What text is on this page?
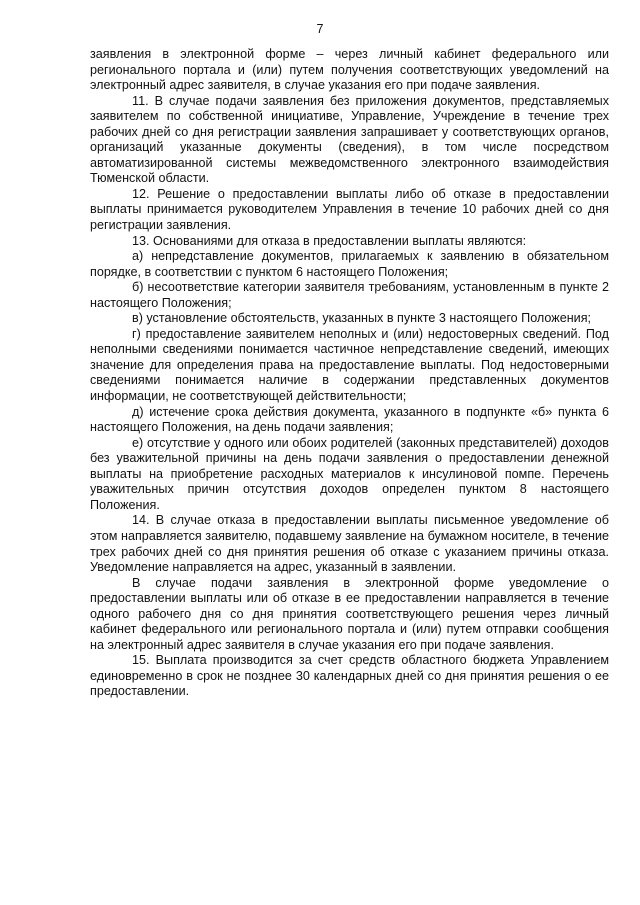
7

заявления в электронной форме – через личный кабинет федерального или регионального портала и (или) путем получения соответствующих уведомлений на электронный адрес заявителя, в случае указания его при подаче заявления.

11. В случае подачи заявления без приложения документов, представляемых заявителем по собственной инициативе, Управление, Учреждение в течение трех рабочих дней со дня регистрации заявления запрашивает у соответствующих органов, организаций указанные документы (сведения), в том числе посредством автоматизированной системы межведомственного электронного взаимодействия Тюменской области.

12. Решение о предоставлении выплаты либо об отказе в предоставлении выплаты принимается руководителем Управления в течение 10 рабочих дней со дня регистрации заявления.

13. Основаниями для отказа в предоставлении выплаты являются:

а) непредставление документов, прилагаемых к заявлению в обязательном порядке, в соответствии с пунктом 6 настоящего Положения;

б) несоответствие категории заявителя требованиям, установленным в пункте 2 настоящего Положения;

в) установление обстоятельств, указанных в пункте 3 настоящего Положения;

г) предоставление заявителем неполных и (или) недостоверных сведений. Под неполными сведениями понимается частичное непредставление сведений, имеющих значение для определения права на предоставление выплаты. Под недостоверными сведениями понимается наличие в содержании представленных документов информации, не соответствующей действительности;

д) истечение срока действия документа, указанного в подпункте «б» пункта 6 настоящего Положения, на день подачи заявления;

е) отсутствие у одного или обоих родителей (законных представителей) доходов без уважительной причины на день подачи заявления о предоставлении денежной выплаты на приобретение расходных материалов к инсулиновой помпе. Перечень уважительных причин отсутствия доходов определен пунктом 8 настоящего Положения.

14. В случае отказа в предоставлении выплаты письменное уведомление об этом направляется заявителю, подавшему заявление на бумажном носителе, в течение трех рабочих дней со дня принятия решения об отказе с указанием причины отказа. Уведомление направляется на адрес, указанный в заявлении.

В случае подачи заявления в электронной форме уведомление о предоставлении выплаты или об отказе в ее предоставлении направляется в течение одного рабочего дня со дня принятия соответствующего решения через личный кабинет федерального или регионального портала и (или) путем отправки сообщения на электронный адрес заявителя в случае указания его при подаче заявления.

15. Выплата производится за счет средств областного бюджета Управлением единовременно в срок не позднее 30 календарных дней со дня принятия решения о ее предоставлении.
